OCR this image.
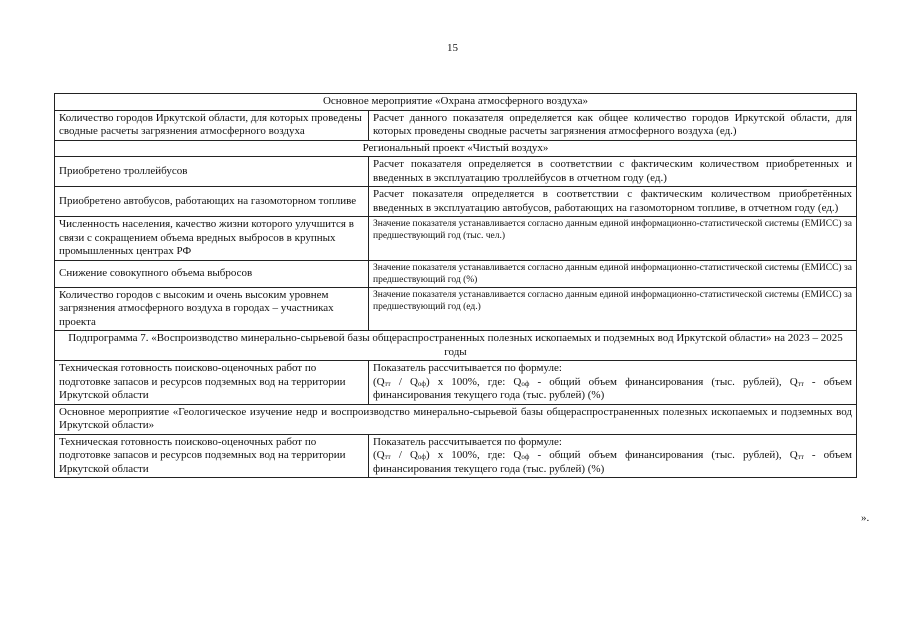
15
Основное мероприятие «Охрана атмосферного воздуха»	
Количество городов Иркутской области, для которых проведены сводные расчеты загрязнения атмосферного воздуха	Расчет данного показателя определяется как общее количество городов Иркутской области, для которых проведены сводные расчеты загрязнения атмосферного воздуха (ед.)
Региональный проект «Чистый воздух»	
Приобретено троллейбусов	Расчет показателя определяется в соответствии с фактическим количеством приобретенных и введенных в эксплуатацию троллейбусов в отчетном году (ед.)
Приобретено автобусов, работающих на газомоторном топливе	Расчет показателя определяется в соответствии с фактическим количеством приобретённых введенных в эксплуатацию автобусов, работающих на газомоторном топливе, в отчетном году (ед.)
Численность населения, качество жизни которого улучшится в связи с сокращением объема вредных выбросов в крупных промышленных центрах РФ	Значение показателя устанавливается согласно данным единой информационно-статистической системы (ЕМИСС) за предшествующий год (тыс. чел.)
Снижение совокупного объема выбросов	Значение показателя устанавливается согласно данным единой информационно-статистической системы (ЕМИСС) за предшествующий год (%)
Количество городов с высоким и очень высоким уровнем загрязнения атмосферного воздуха в городах – участниках проекта	Значение показателя устанавливается согласно данным единой информационно-статистической системы (ЕМИСС) за предшествующий год (ед.)
Подпрограмма 7. «Воспроизводство минерально-сырьевой базы общераспространенных полезных ископаемых и подземных вод Иркутской области» на 2023 – 2025 годы	
Техническая готовность поисково-оценочных работ по подготовке запасов и ресурсов подземных вод на территории Иркутской области	Показатель рассчитывается по формуле:
$(Q_{тт} / Q_{оф})$ x 100%, где: $Q_{оф}$ - общий объем финансирования (тыс. рублей), $Q_{тт}$ - объем финансирования текущего года (тыс. рублей) (%)

Основное мероприятие «Геологическое изучение недр и воспроизводство минерально-сырьевой базы общераспространенных полезных ископаемых и подземных вод Иркутской области»	
Техническая готовность поисково-оценочных работ по подготовке запасов и ресурсов подземных вод на территории Иркутской области	Показатель рассчитывается по формуле:
$(Q_{тт} / Q_{оф})$ x 100%, где: $Q_{оф}$ - общий объем финансирования (тыс. рублей), $Q_{тт}$ - объем финансирования текущего года (тыс. рублей) (%)
».
